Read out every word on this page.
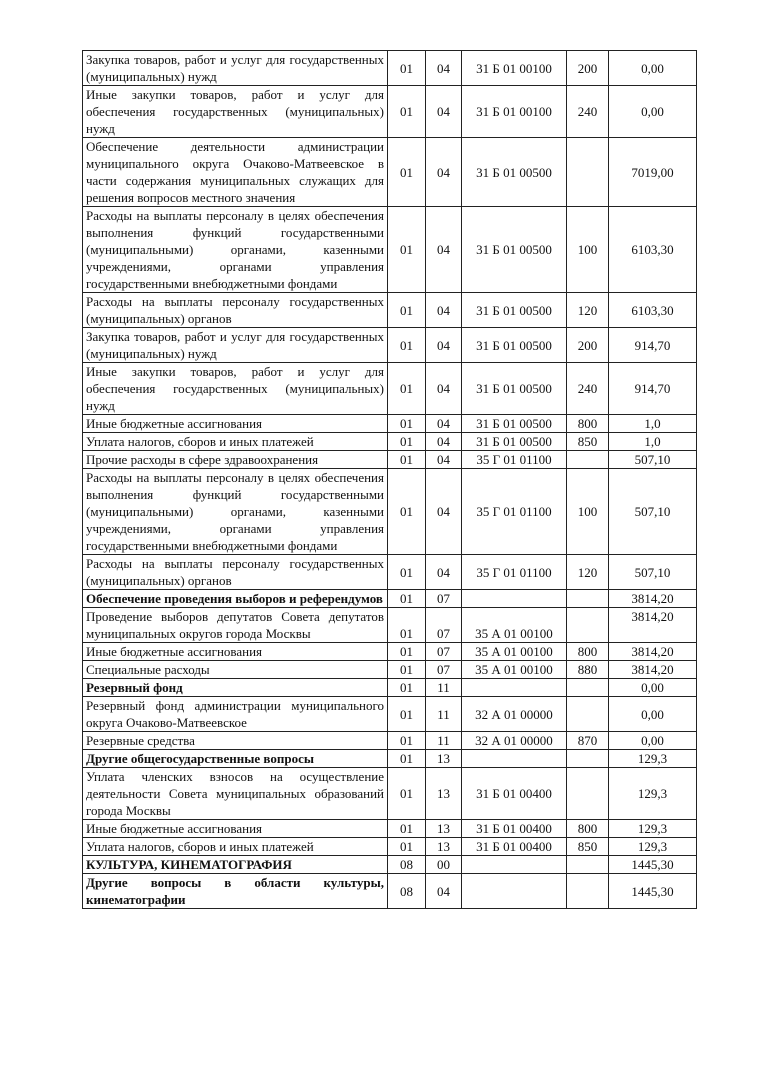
Закупка товаров, работ и услуг для государственных (муниципальных) нужд	01	04	31 Б 01 00100	200	0,00
Иные закупки товаров, работ и услуг для обеспечения государственных (муниципальных) нужд	01	04	31 Б 01 00100	240	0,00
Обеспечение деятельности администрации муниципального округа Очаково-Матвеевское в части содержания муниципальных служащих для решения вопросов местного значения	01	04	31 Б 01 00500		7019,00
Расходы на выплаты персоналу в целях обеспечения выполнения функций государственными (муниципальными) органами, казенными учреждениями, органами управления государственными внебюджетными фондами	01	04	31 Б 01 00500	100	6103,30
Расходы на выплаты персоналу государственных (муниципальных) органов	01	04	31 Б 01 00500	120	6103,30
Закупка товаров, работ и услуг для государственных (муниципальных) нужд	01	04	31 Б 01 00500	200	914,70
Иные закупки товаров, работ и услуг для обеспечения государственных (муниципальных) нужд	01	04	31 Б 01 00500	240	914,70
Иные бюджетные ассигнования	01	04	31 Б 01 00500	800	1,0
Уплата налогов, сборов и иных платежей	01	04	31 Б 01 00500	850	1,0
Прочие расходы в сфере здравоохранения	01	04	35 Г 01 01100		507,10
Расходы на выплаты персоналу в целях обеспечения выполнения функций государственными (муниципальными) органами, казенными учреждениями, органами управления государственными внебюджетными фондами	01	04	35 Г 01 01100	100	507,10
Расходы на выплаты персоналу государственных (муниципальных) органов	01	04	35 Г 01 01100	120	507,10
Обеспечение проведения выборов и референдумов	01	07			3814,20
Проведение выборов депутатов Совета депутатов муниципальных округов города Москвы	01	07	35 А 01 00100		3814,20
Иные бюджетные ассигнования	01	07	35 А 01 00100	800	3814,20
Специальные расходы	01	07	35 А 01 00100	880	3814,20
Резервный фонд	01	11			0,00
Резервный фонд администрации муниципального округа Очаково-Матвеевское	01	11	32 А 01 00000		0,00
Резервные средства	01	11	32 А 01 00000	870	0,00
Другие общегосударственные вопросы	01	13			129,3
Уплата членских взносов на осуществление деятельности Совета муниципальных образований города Москвы	01	13	31 Б 01 00400		129,3
Иные бюджетные ассигнования	01	13	31 Б 01 00400	800	129,3
Уплата налогов, сборов и иных платежей	01	13	31 Б 01 00400	850	129,3
КУЛЬТУРА, КИНЕМАТОГРАФИЯ	08	00			1445,30
Другие вопросы в области культуры, кинематографии	08	04			1445,30
